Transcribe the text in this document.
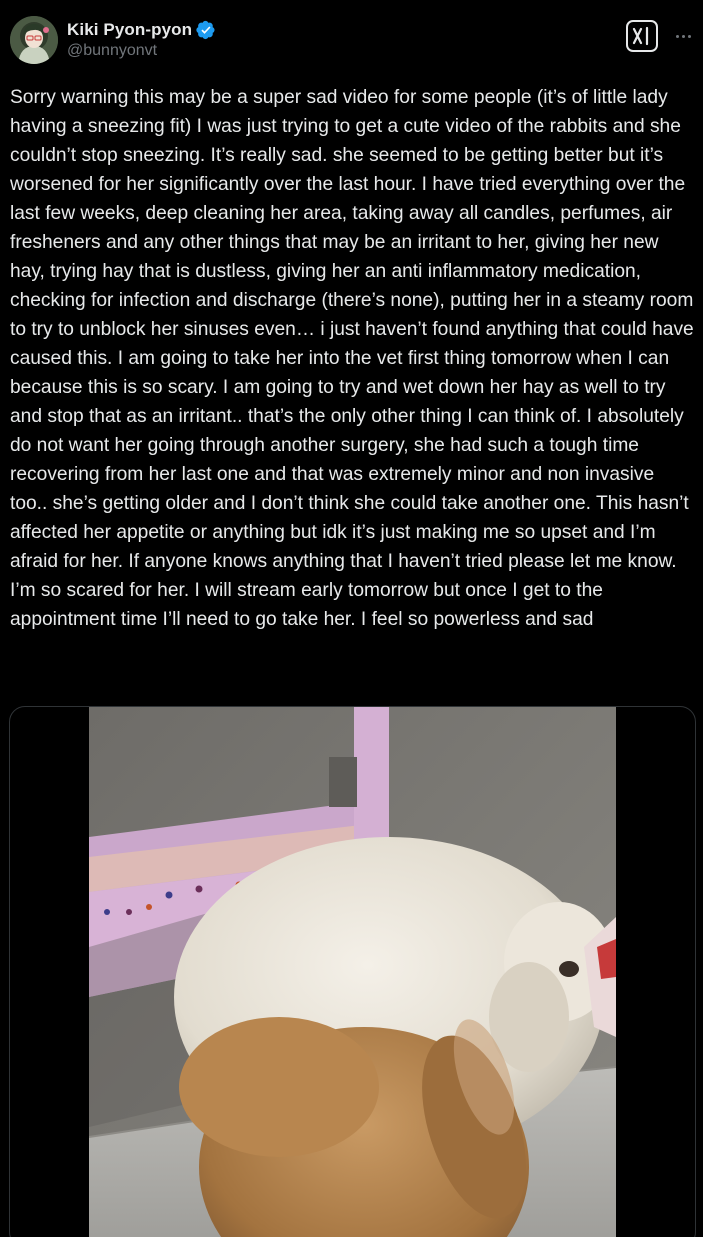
Kiki Pyon-pyon
@bunnyonvt
Sorry warning this may be a super sad video for some people (it’s of little lady having a sneezing fit) I was just trying to get a cute video of the rabbits and she couldn’t stop sneezing. It’s really sad. she seemed to be getting better but it’s worsened for her significantly over the last hour. I have tried everything over the last few weeks, deep cleaning her area, taking away all candles, perfumes, air fresheners and any other things that may be an irritant to her, giving her new hay, trying hay that is dustless, giving her an anti inflammatory medication, checking for infection and discharge (there’s none), putting her in a steamy room to try to unblock her sinuses even… i just haven’t found anything that could have caused this. I am going to take her into the vet first thing tomorrow when I can because this is so scary. I am going to try and wet down her hay as well to try and stop that as an irritant.. that’s the only other thing I can think of. I absolutely do not want her going through another surgery, she had such a tough time recovering from her last one and that was extremely minor and non invasive too.. she’s getting older and I don’t think she could take another one. This hasn’t affected her appetite or anything but idk it’s just making me so upset and I’m afraid for her. If anyone knows anything that I haven’t tried please let me know. I’m so scared for her. I will stream early tomorrow but once I get to the appointment time I’ll need to go take her. I feel so powerless and sad
